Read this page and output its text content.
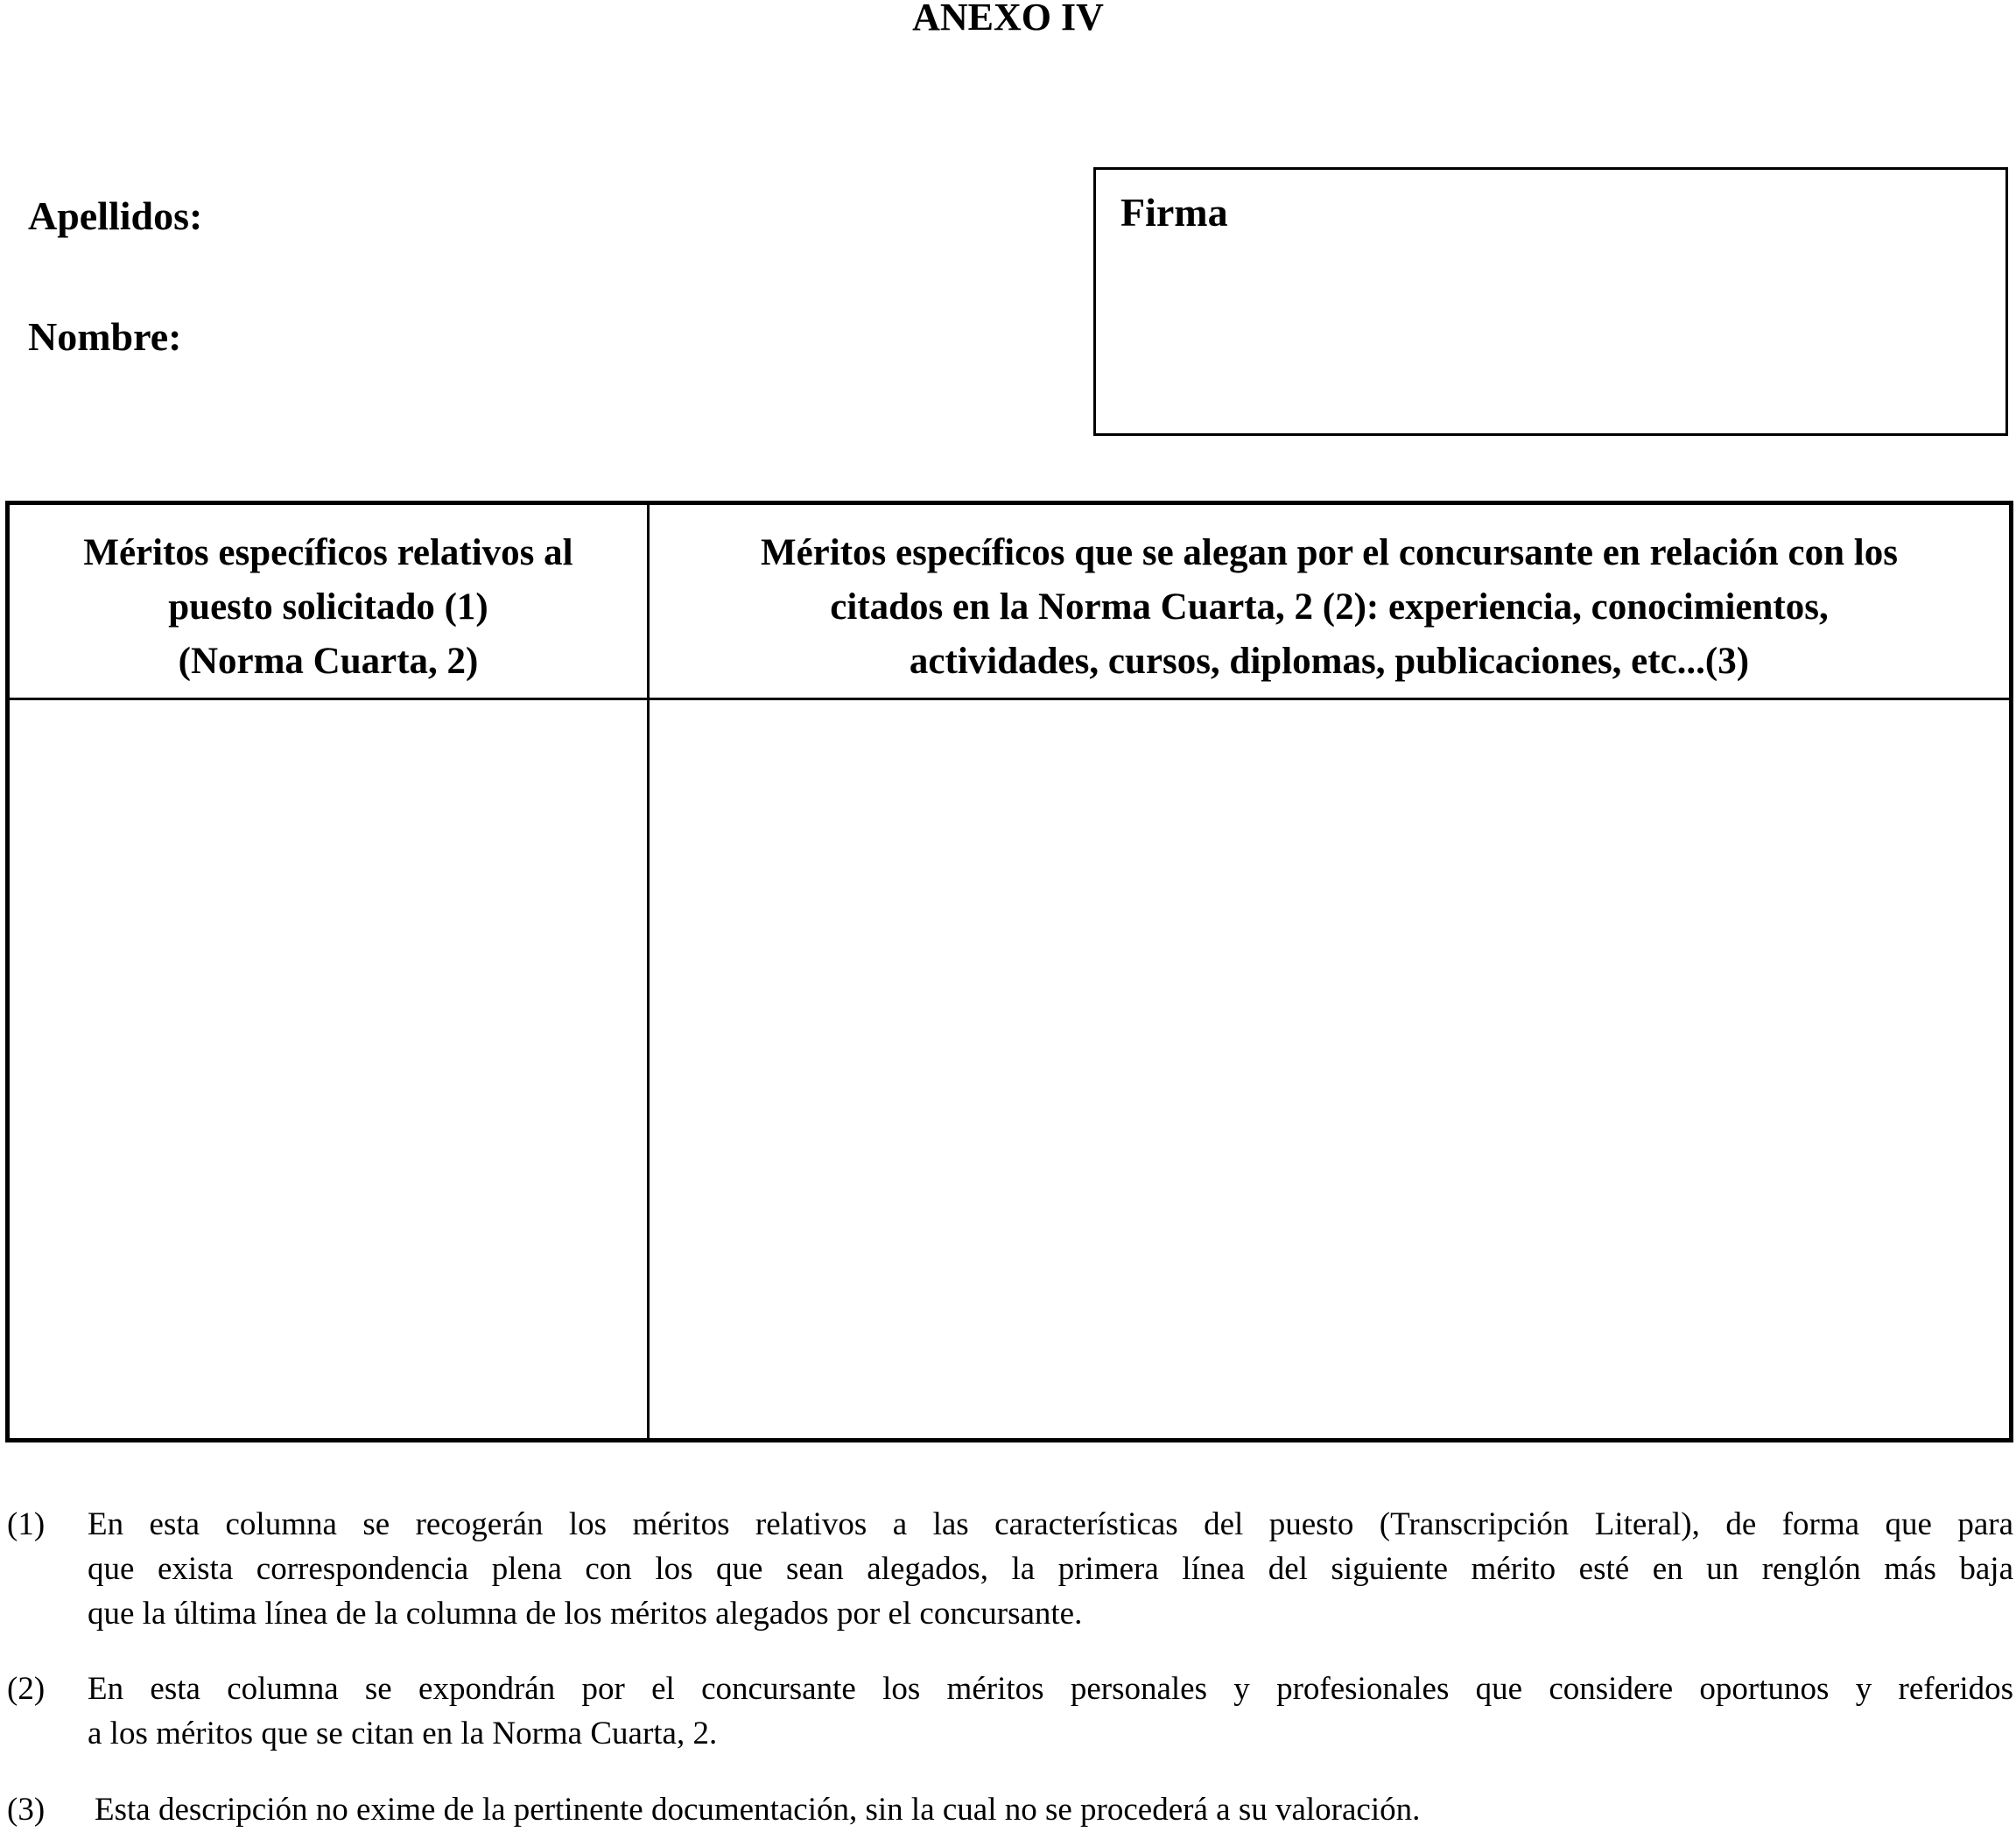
ANEXO IV
Apellidos:
Nombre:
Firma
Méritos específicos relativos al
puesto solicitado (1)
(Norma Cuarta, 2)
Méritos específicos que se alegan por el concursante en relación con los
citados en la Norma Cuarta, 2 (2): experiencia, conocimientos,
actividades, cursos, diplomas, publicaciones, etc...(3)
(1) En esta columna se recogerán los méritos relativos a las características del puesto (Transcripción Literal), de forma que para
que exista correspondencia plena con los que sean alegados, la primera línea del siguiente mérito esté en un renglón más baja
que la última línea de la columna de los méritos alegados por el concursante.
(2) En esta columna se expondrán por el concursante los méritos personales y profesionales que considere oportunos y referidos
a los méritos que se citan en la Norma Cuarta, 2.
(3) Esta descripción no exime de la pertinente documentación, sin la cual no se procederá a su valoración.
